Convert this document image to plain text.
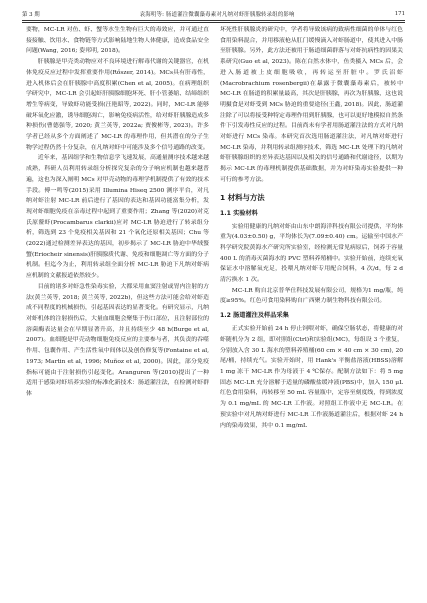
第 3 期	袁海明等: 肠道灌注微囊藻毒素对凡纳对虾肝胰腺转录组的影响	171

要物，MC-LR 对鱼、虾、蟹等水生生物有巨大的毒效应，并可通过直接接触、饮用水、食物链等方式影响陆地生物人体健康，造成食品安全问题(Wang, 2016; 姿邦明, 2018)。

肝胰腺是甲壳类动物应对不良环境进行解毒代谢的关键器官，在机体免疫反应过程中发挥重要作用(Rőszer, 2014)。MCs具有肝毒性，进入机体后会在肝胰腺中高度积累(Chen et al, 2005)。在病理组织学研究中，MC-LR 会引起虾肝胰腺细胞坏死、肝小管萎缩、结缔组织增生等病变，导致虾功能受损(汪艳昭等, 2022)。同时，MC-LR 能够破坏氧化应激，诱导细胞凋亡，影响免疫病活性，给对虾肝胰腺造成多种损伤(曹德强等, 2020; 黄兰英等, 2022a; 贾俊彬等, 2023)。许多学者已经从多个方面阐述了 MC-LR 的毒理作用，但其潜在的分子生物学过程仍然十分复杂，在凡纳对虾中可能涉及多个信号通路的改变。

近年来，基因组学和生物信息学飞速发展，高通量测序技术越来越成熟，科研人员利用转录组分析探究复杂的分子响应机制也越来越普遍，这也为深入阐明 MCs 对甲壳动物的毒理学机制提供了有效的技术手段。傅一鸣等(2015)采用 Illumina Hiseq 2500 测序平台，对凡纳对虾注射 MC-LR 前后进行了基因的表达和基因功能富集分析，发现对虾细胞免疫在亲毒过程中起到了重要作用；Zhang 等(2020)对克氏原鳌虾(Procambarus clarkii)应对 MC-LR 胁迫进行了转录组分析，筛选到 23 个免疫相关基因和 21 个氧化还原相关基因；Chu 等(2022)通过检测差异表达的基因，初步揭示了 MC-LR 胁迫中华绒螯蟹(Eriocheir sinensis)肝胰腺质代谢、免疫和细胞凋亡等方面的分子机制。但迄今为止，利用转录组全面分析 MC-LR 胁迫下凡纳对虾病应机制的文献报道依然较少。

目前的诸多对虾急性染毒实验，大都采用血窦注射或胃内注射的方法(黄兰英等, 2018; 黄兰英等, 2022b)，但这些方法可能会给对虾造成不同程度的机械损伤，引起基因表达的显著变化。有研究显示，凡纳对虾机体的注射损伤后，大量血细胞会聚集于伤口部位，且注射部位的溶菌酶表达量会在早期显著升高，并且持续至少 48 h(Burge et al, 2007)。血细胞是甲壳动物细胞免疫反应的主要参与者，其负责的吞噬作用、包囊作用、产生活性氧中间体以及创伤修复等(Fontaine et al, 1973; Martin et al, 1996; Muñoz et al, 2000)。因此，部分免疫指标可能由于注射损伤引起变化。Aranguren 等(2010)提出了一种适用于感染对虾培养实验的标准化新技术：肠道灌注法，在检测对虾群体

坏死性肝胰腺炎的研究中，学者将导致该病的致病性细菌的单体与红色食用染料混合，并用移液枪从肛门缓慢滴入对虾肠道中，使其进入中肠至肝胰腺。另外，此方法还被用于肠道细菌群落与对虾抗病性的因果关系研究(Guo et al, 2023)。陈在白然水体中，鱼类摄入 MCs 后，会进入肠道被上皮细胞吸收，再转运至肝脏中。罗氏沼虾(Macrobrachium rosenbergii)在暴露于微囊藻毒素后，被转中 MC-LR 在肠道的积累量最高，其次是肝胰腺，再次为肝胰腺，这也说明摄食是对虾受到 MCs 胁迫的重要途径(王鑫, 2018)。因此，肠道灌注除了可以将接受种特定毒理作用到肝胰腺，也可以更好地模拟自然条件下引发毒性反应的过程。目前尚未有学者用肠道灌注法的方式对凡纳对虾进行 MCs 染毒。本研究首次选用肠道灌注法，对凡纳对虾进行 MC-LR 染毒，并利用转录组测序技术，筛选 MC-LR 处理下的凡纳对虾肝胰腺组织的差异表达基因以及相关的信号通路和代谢途径，以期为揭示 MC-LR 的毒理机制提供基础数据，并为对虾染毒实验提供一种可行的参考方法。

1 材料与方法
1.1 实验材料

实验用健康的凡纳对虾由山东中朗海洋科技有限公司提供，平均体重为(4.03±0.50) g，平均体长为(7.09±0.40) cm。运输至中国水产科学研究院黄海水产研究所实验室，经检测无常见病原后，饲养于容量 400 L 的消毒灭菌海水的 PVC 塑料养殖桶中。实验开始前，连续充氧保证水中溶解氧充足，投喂凡纳对虾专用配合饲料，4 次/d，每 2 d 清污换水 1 次。

MC-LR 购自北京普华仕科技发展有限公司，规格为1 mg/瓶，纯度≥95%。红色可食用染料购自广西聚力制生物科技有限公司。

1.2 肠道灌注及样品采集

正式实验开始前 24 h 停止饲喂对虾，确保空肠状态，将健康的对虾随机分为 2 组，即对照组(Ctrl)和实验组(MC)，每组设 3 个重复，分别放入含 30 L 海水的塑料养殖桶(60 cm × 40 cm × 30 cm), 20 尾/桶，持续充气。实验开始时，用 Hank's 平衡盐溶液(HBSS)溶解 1 mg 冻干 MC-LR 作为母液于 4 ℃保存。配制方法如下：将 5 mg 固态 MC-LR 充分溶解于适量的磷酸盐缓冲液(PBS)中，加入 150 μL 红色食用染料，再转移至 50 mL 容量瓶中，定容至刻度线，得到浓度为 0.1 mg/mL 的 MC-LR 工作液。对照组工作液中无 MC-LR。在预实验中对凡纳对虾进行 MC-LR 工作液肠道灌注后，根据对虾 24 h 内的染毒效果，其中 0.1 mg/mL
